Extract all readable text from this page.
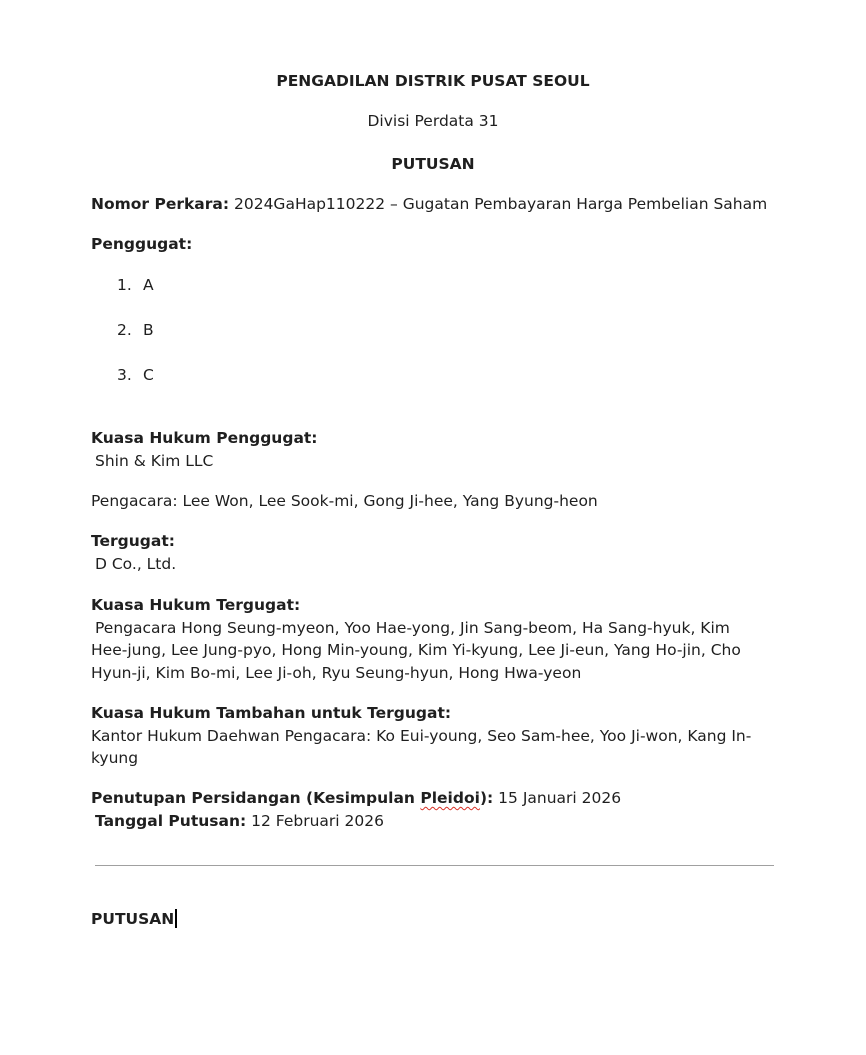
PENGADILAN DISTRIK PUSAT SEOUL
Divisi Perdata 31
PUTUSAN
Nomor Perkara: 2024GaHap110222 – Gugatan Pembayaran Harga Pembelian Saham
Penggugat:
1. A
2. B
3. C
Kuasa Hukum Penggugat:
Shin & Kim LLC
Pengacara: Lee Won, Lee Sook-mi, Gong Ji-hee, Yang Byung-heon
Tergugat:
D Co., Ltd.
Kuasa Hukum Tergugat:
Pengacara Hong Seung-myeon, Yoo Hae-yong, Jin Sang-beom, Ha Sang-hyuk, Kim Hee-jung, Lee Jung-pyo, Hong Min-young, Kim Yi-kyung, Lee Ji-eun, Yang Ho-jin, Cho Hyun-ji, Kim Bo-mi, Lee Ji-oh, Ryu Seung-hyun, Hong Hwa-yeon
Kuasa Hukum Tambahan untuk Tergugat:
Kantor Hukum Daehwan Pengacara: Ko Eui-young, Seo Sam-hee, Yoo Ji-won, Kang In-kyung
Penutupan Persidangan (Kesimpulan Pleidoi): 15 Januari 2026
Tanggal Putusan: 12 Februari 2026
PUTUSAN
